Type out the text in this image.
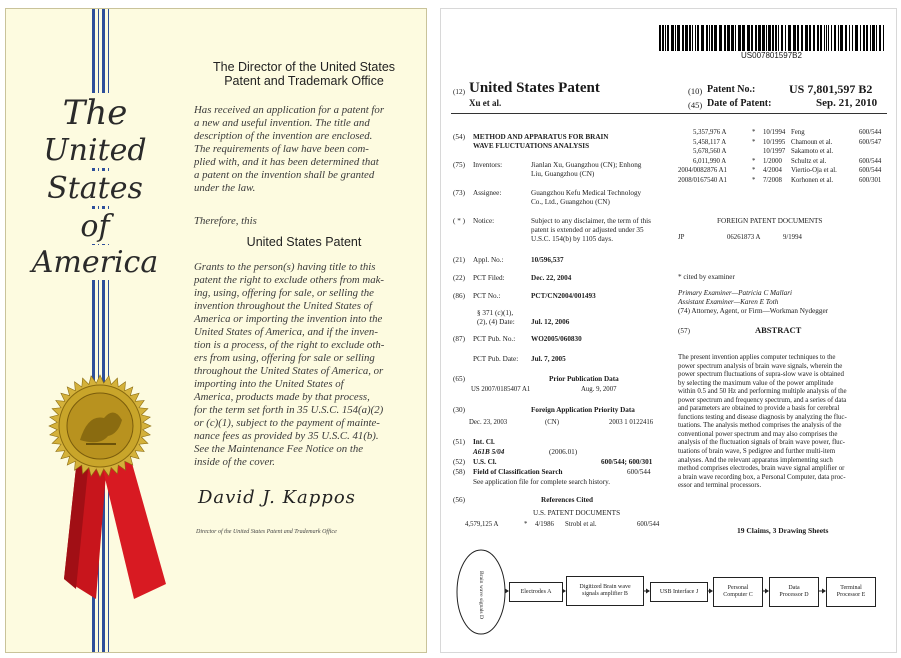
The
United
States
of
America
The Director of the United States
Patent and Trademark Office
Has received an application for a patent for
a new and useful invention. The title and
description of the invention are enclosed.
The requirements of law have been com-
plied with, and it has been determined that
a patent on the invention shall be granted
under the law.
Therefore, this
United States Patent
Grants to the person(s) having title to this
patent the right to exclude others from mak-
ing, using, offering for sale, or selling the
invention throughout the United States of
America or importing the invention into the
United States of America, and if the inven-
tion is a process, of the right to exclude oth-
ers from using, offering for sale or selling
throughout the United States of America, or
importing into the United States of
America, products made by that process,
for the term set forth in 35 U.S.C. 154(a)(2)
or (c)(1), subject to the payment of mainte-
nance fees as provided by 35 U.S.C. 41(b).
See the Maintenance Fee Notice on the
inside of the cover.
David J. Kappos
Director of the United States Patent and Trademark Office
US007801597B2
(12) United States Patent
Xu et al.
(10) Patent No.:	US 7,801,597 B2
(45) Date of Patent:	Sep. 21, 2010
(54) METHOD AND APPARATUS FOR BRAIN
WAVE FLUCTUATIONS ANALYSIS
(75) Inventors:	Jianlan Xu, Guangzhou (CN); Enhong
Liu, Guangzhou (CN)
(73) Assignee:	Guangzhou Kefu Medical Technology
Co., Ltd., Guangzhou (CN)
( * ) Notice:	Subject to any disclaimer, the term of this
patent is extended or adjusted under 35
U.S.C. 154(b) by 1105 days.
(21) Appl. No.:	10/596,537
(22) PCT Filed:	Dec. 22, 2004
(86) PCT No.:	PCT/CN2004/001493
§ 371 (c)(1), (2), (4) Date:	Jul. 12, 2006
(87) PCT Pub. No.:	WO2005/060830
PCT Pub. Date:	Jul. 7, 2005
(65)	Prior Publication Data
US 2007/0185407 A1	Aug. 9, 2007
(30)	Foreign Application Priority Data
Dec. 23, 2003	(CN)	2003 1 0122416
(51) Int. Cl.
A61B 5/04	(2006.01)
(52) U.S. Cl.	600/544; 600/301
(58) Field of Classification Search	600/544
See application file for complete search history.
(56)	References Cited
U.S. PATENT DOCUMENTS
4,579,125 A	* 4/1986 Strobl et al.	600/544
5,357,976 A	* 10/1994 Feng	600/544
5,458,117 A	* 10/1995 Chamoun et al.	600/547
5,678,560 A	10/1997 Sakamoto et al.
6,011,990 A	* 1/2000 Schultz et al.	600/544
2004/0082876 A1	* 4/2004 Viertio-Oja et al.	600/544
2008/0167540 A1	* 7/2008 Korhonen et al.	600/301
FOREIGN PATENT DOCUMENTS
JP	06261873 A	9/1994
* cited by examiner
Primary Examiner—Patricia C Mallari
Assistant Examiner—Karen E Toth
(74) Attorney, Agent, or Firm—Workman Nydegger
(57)	ABSTRACT
The present invention applies computer techniques to the
power spectrum analysis of brain wave signals, wherein the
power spectrum fluctuations of supra-slow wave is obtained
by selecting the maximum value of the power amplitude
within 0.5 and 50 Hz and performing multiple analysis of the
power spectrum and frequency spectrum, and a series of data
and parameters are obtained to provide a basis for cerebral
functions testing and disease diagnosis by analyzing the fluc-
tuations. The analysis method comprises the analysis of the
conventional power spectrum and may also comprises the
analysis of the fluctuation signals of brain wave power, fluc-
tuations of brain wave, S pedigree and further multi-item
analyses. And the relevant apparatus implementing such
method comprises electrodes, brain wave signal amplifier or
a brain wave recording box, a Personal Computer, data proc-
essor and terminal processors.
19 Claims, 3 Drawing Sheets
Brain wave signals D	Electrodes A
Digitized Brain wave
signals amplifier B	USB Interface J
Personal
Computer C
Data
Processor D
Terminal
Processor E
